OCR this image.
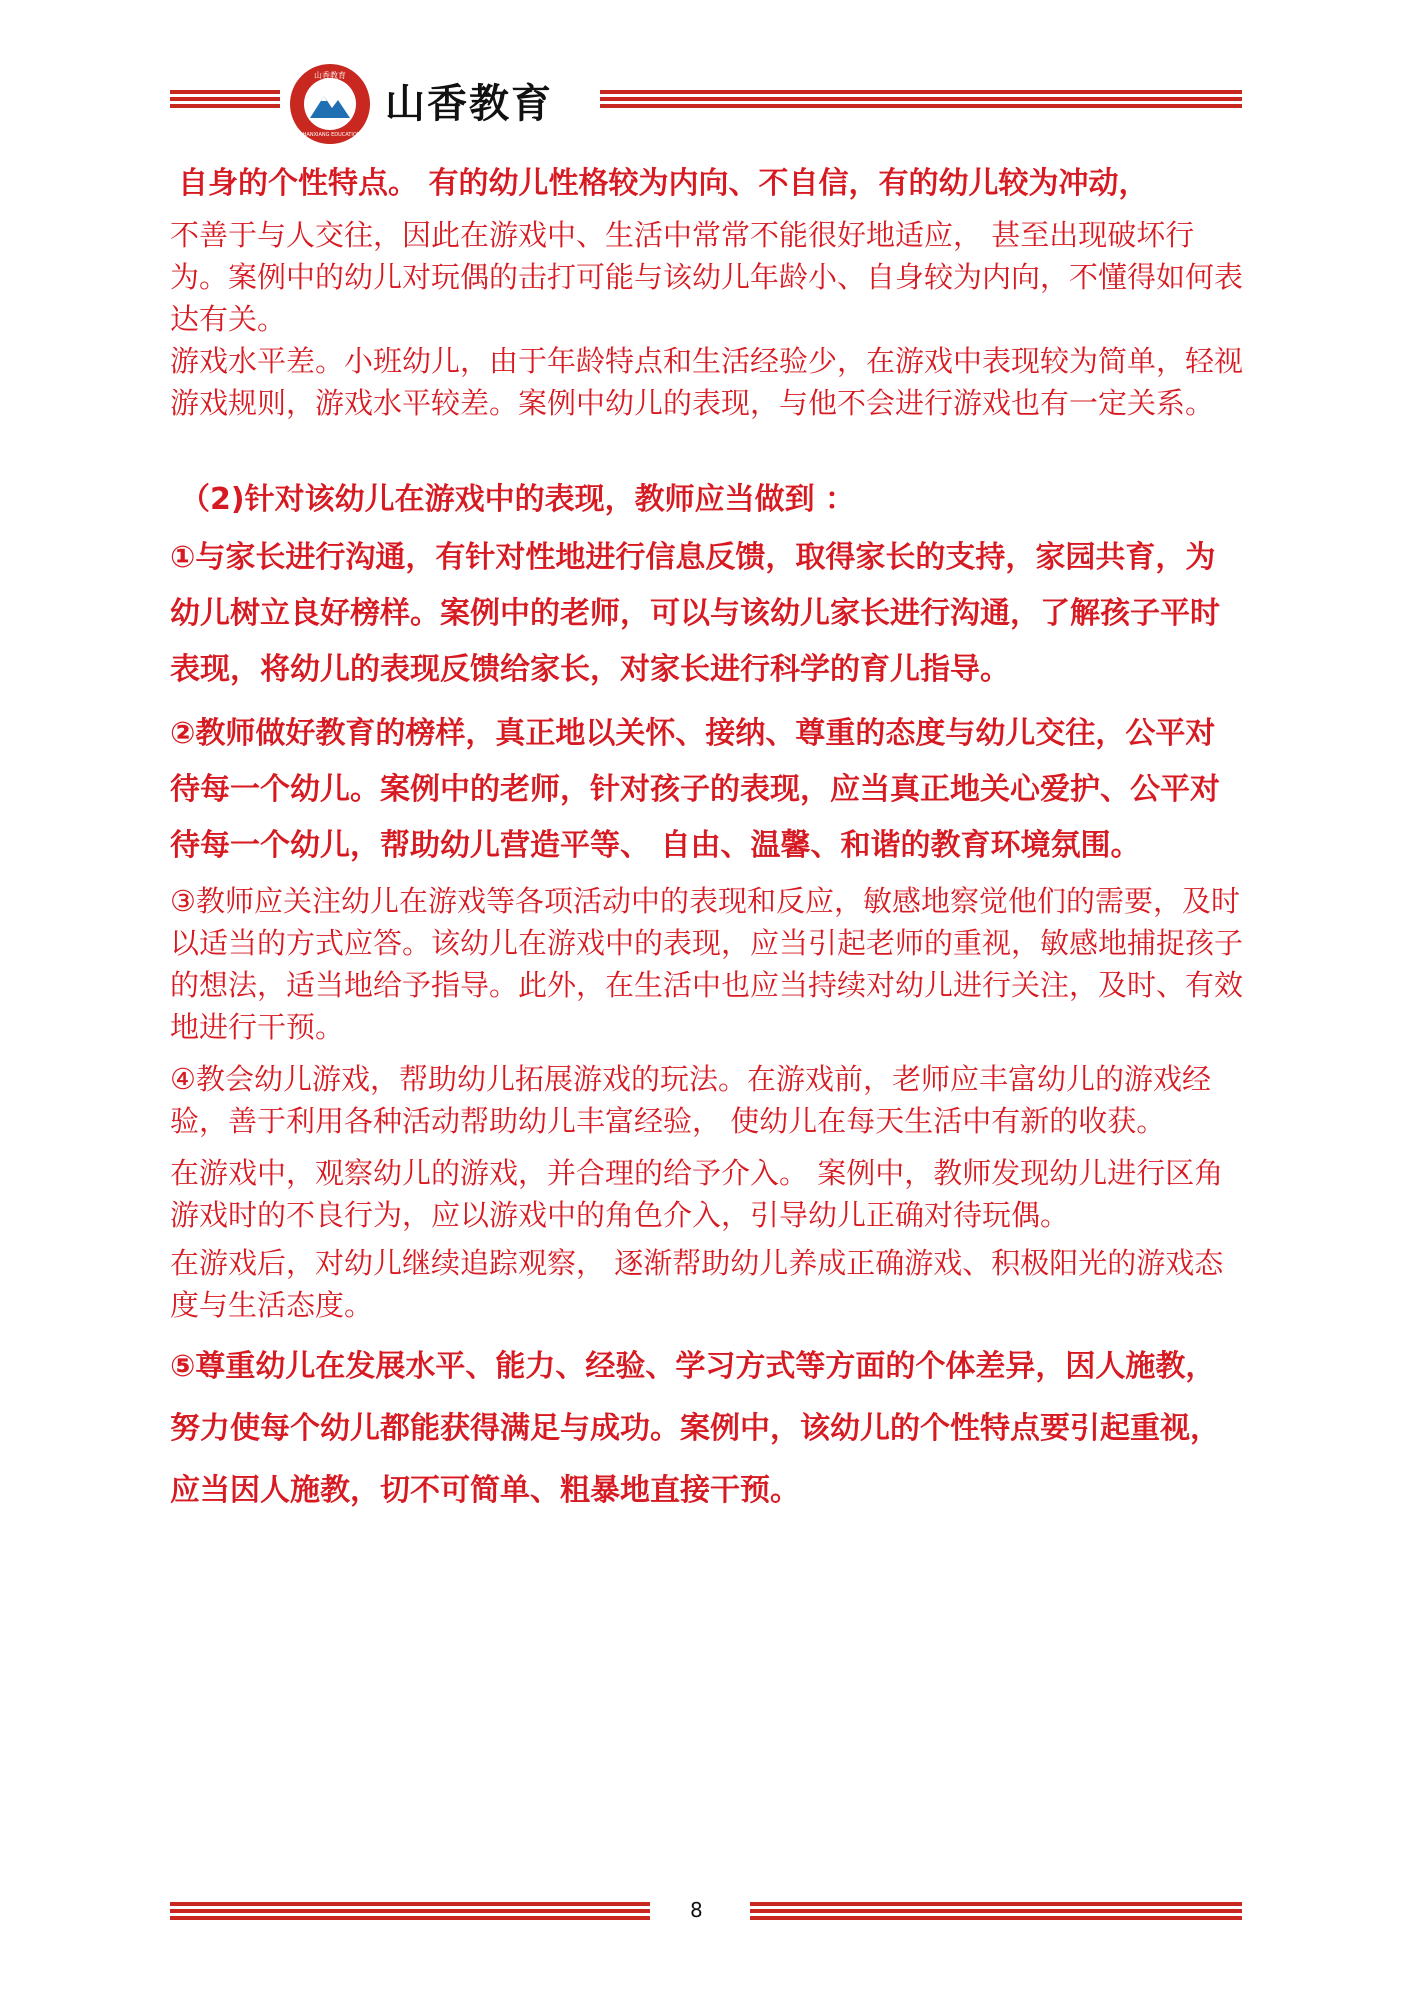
山香教育
SHANXIANG EDUCATION
山香教育

自身的个性特点。 有的幼儿性格较为内向、不自信，有的幼儿较为冲动，

不善于与人交往，因此在游戏中、生活中常常不能很好地适应， 甚至出现破坏行为。案例中的幼儿对玩偶的击打可能与该幼儿年龄小、自身较为内向，不懂得如何表达有关。

游戏水平差。小班幼儿，由于年龄特点和生活经验少，在游戏中表现较为简单，轻视游戏规则，游戏水平较差。案例中幼儿的表现，与他不会进行游戏也有一定关系。

（2)针对该幼儿在游戏中的表现，教师应当做到 ：

①与家长进行沟通，有针对性地进行信息反馈，取得家长的支持，家园共育，为幼儿树立良好榜样。案例中的老师，可以与该幼儿家长进行沟通，了解孩子平时表现，将幼儿的表现反馈给家长，对家长进行科学的育儿指导。

②教师做好教育的榜样，真正地以关怀、接纳、尊重的态度与幼儿交往，公平对待每一个幼儿。案例中的老师，针对孩子的表现，应当真正地关心爱护、公平对待每一个幼儿，帮助幼儿营造平等、 自由、温馨、和谐的教育环境氛围。

③教师应关注幼儿在游戏等各项活动中的表现和反应，敏感地察觉他们的需要，及时以适当的方式应答。该幼儿在游戏中的表现，应当引起老师的重视，敏感地捕捉孩子的想法，适当地给予指导。此外，在生活中也应当持续对幼儿进行关注，及时、有效地进行干预。

④教会幼儿游戏，帮助幼儿拓展游戏的玩法。在游戏前，老师应丰富幼儿的游戏经验，善于利用各种活动帮助幼儿丰富经验， 使幼儿在每天生活中有新的收获。

在游戏中，观察幼儿的游戏，并合理的给予介入。 案例中，教师发现幼儿进行区角游戏时的不良行为，应以游戏中的角色介入，引导幼儿正确对待玩偶。

在游戏后，对幼儿继续追踪观察， 逐渐帮助幼儿养成正确游戏、积极阳光的游戏态度与生活态度。

⑤尊重幼儿在发展水平、能力、经验、学习方式等方面的个体差异，因人施教，努力使每个幼儿都能获得满足与成功。案例中，该幼儿的个性特点要引起重视，应当因人施教，切不可简单、粗暴地直接干预。

8
